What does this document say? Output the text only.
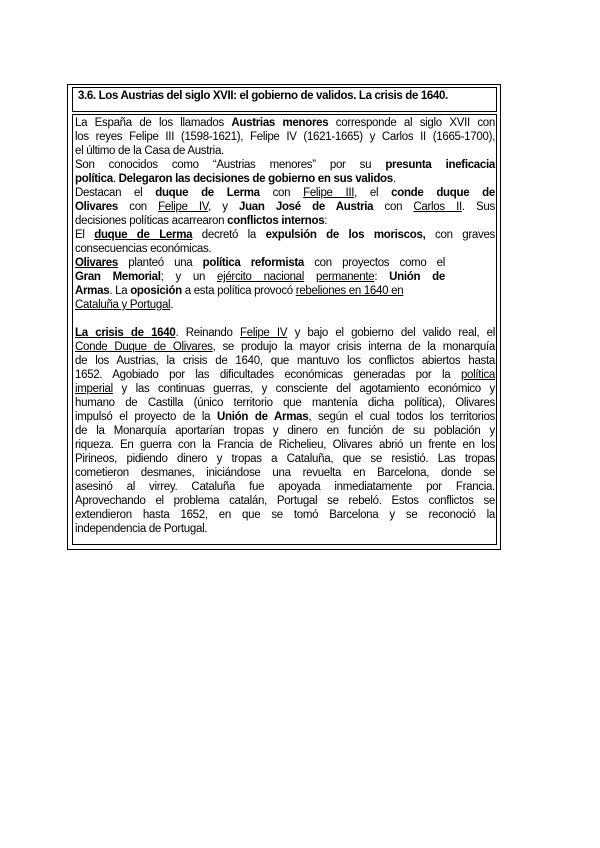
3.6. Los Austrias del siglo XVII: el gobierno de validos. La crisis de 1640.
La España de los llamados Austrias menores corresponde al siglo XVII con
los reyes Felipe III (1598-1621), Felipe IV (1621-1665) y Carlos II (1665-1700),
el último de la Casa de Austria.
Son conocidos como “Austrias menores” por su presunta ineficacia
política. Delegaron las decisiones de gobierno en sus validos.
Destacan el duque de Lerma con Felipe III, el conde duque de
Olivares con Felipe IV, y Juan José de Austria con Carlos II. Sus
decisiones políticas acarrearon conflictos internos:
El duque de Lerma decretó la expulsión de los moriscos, con graves
consecuencias económicas.
Olivares planteó una política reformista con proyectos como el
Gran Memorial; y un ejército nacional permanente: Unión de
Armas. La oposición a esta política provocó rebeliones en 1640 en
Cataluña y Portugal.
La crisis de 1640. Reinando Felipe IV y bajo el gobierno del valido real, el
Conde Duque de Olivares, se produjo la mayor crisis interna de la monarquía
de los Austrias, la crisis de 1640, que mantuvo los conflictos abiertos hasta
1652. Agobiado por las dificultades económicas generadas por la política
imperial y las continuas guerras, y consciente del agotamiento económico y
humano de Castilla (único territorio que mantenía dicha política), Olivares
impulsó el proyecto de la Unión de Armas, según el cual todos los territorios
de la Monarquía aportarían tropas y dinero en función de su población y
riqueza. En guerra con la Francia de Richelieu, Olivares abrió un frente en los
Pirineos, pidiendo dinero y tropas a Cataluña, que se resistió. Las tropas
cometieron desmanes, iniciándose una revuelta en Barcelona, donde se
asesinó al virrey. Cataluña fue apoyada inmediatamente por Francia.
Aprovechando el problema catalán, Portugal se rebeló. Estos conflictos se
extendieron hasta 1652, en que se tomó Barcelona y se reconoció la
independencia de Portugal.
